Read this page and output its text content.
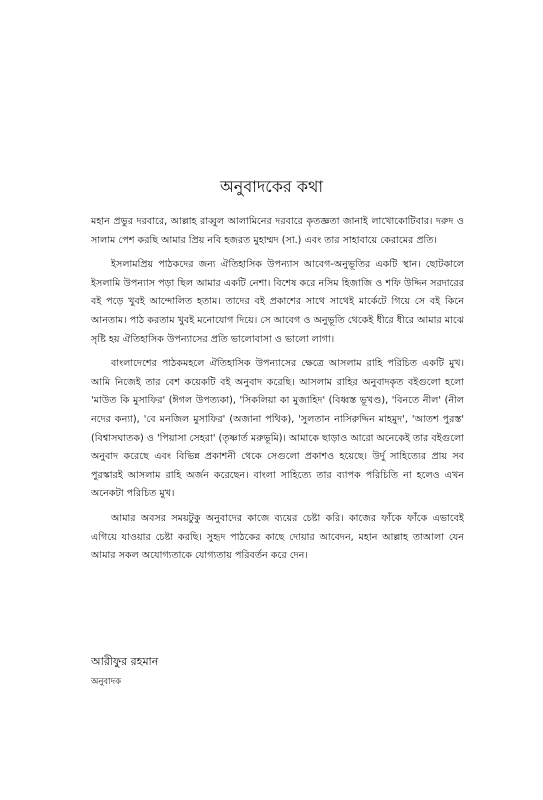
অনুবাদকের কথা

মহান প্রভুর দরবারে, আল্লাহ রাব্বুল আলামিনের দরবারে কৃতজ্ঞতা জানাই লাখোকোটিবার। দরুদ ও সালাম পেশ করছি আমার প্রিয় নবি হজরত মুহাম্মদ (সা.) এবং তার সাহাবায়ে কেরামের প্রতি।

ইসলামপ্রিয় পাঠকদের জন্য ঐতিহাসিক উপন্যাস আবেগ-অনুভূতির একটি স্থান। ছোটকালে ইসলামি উপন্যাস পড়া ছিল আমার একটি নেশা। বিশেষ করে নসিম হিজাজি ও শফি উদ্দিন সরদারের বই পড়ে খুবই আন্দোলিত হতাম। তাদের বই প্রকাশের সাথে সাথেই মার্কেটে গিয়ে সে বই কিনে আনতাম। পাঠ করতাম খুবই মনোযোগ দিয়ে। সে আবেগ ও অনুভূতি থেকেই ধীরে ধীরে আমার মাঝে সৃষ্টি হয় ঐতিহাসিক উপন্যাসের প্রতি ভালোবাসা ও ভালো লাগা।

বাংলাদেশের পাঠকমহলে ঐতিহাসিক উপন্যাসের ক্ষেত্রে আসলাম রাহি পরিচিত একটি মুখ। আমি নিজেই তার বেশ কয়েকটি বই অনুবাদ করেছি। আসলাম রাহির অনুবাদকৃত বইগুলো হলো 'মাউত কি মুসাফির' (ঈগল উপত্যকা), 'সিকলিয়া কা মুজাহিদ' (বিধ্বস্ত ভূখণ্ড), 'বিনতে নীল' (নীল নদের কন্যা), 'বে মনজিল মুসাফির' (অজানা পথিক), 'সুলতান নাসিরুদ্দিন মাহমুদ', 'আতশ পুরস্ত' (বিশ্বাসঘাতক) ও 'পিয়াসা সেহরা' (তৃষ্ণার্ত মরুভূমি)। আমাকে ছাড়াও আরো অনেকেই তার বইগুলো অনুবাদ করেছে এবং বিভিন্ন প্রকাশনী থেকে সেগুলো প্রকাশও হয়েছে। উর্দু সাহিত্যের প্রায় সব পুরস্কারই আসলাম রাহি অর্জন করেছেন। বাংলা সাহিত্যে তার ব্যাপক পরিচিতি না হলেও এখন অনেকটা পরিচিত মুখ।

আমার অবসর সময়টুকু অনুবাদের কাজে ব্যয়ের চেষ্টা করি। কাজের ফাঁকে ফাঁকে এভাবেই এগিয়ে যাওয়ার চেষ্টা করছি। সুহৃদ পাঠকের কাছে দোয়ার আবেদন, মহান আল্লাহ তাআলা যেন আমার সকল অযোগ্যতাকে যোগ্যতায় পরিবর্তন করে দেন।

আরীফুর রহমান
অনুবাদক
